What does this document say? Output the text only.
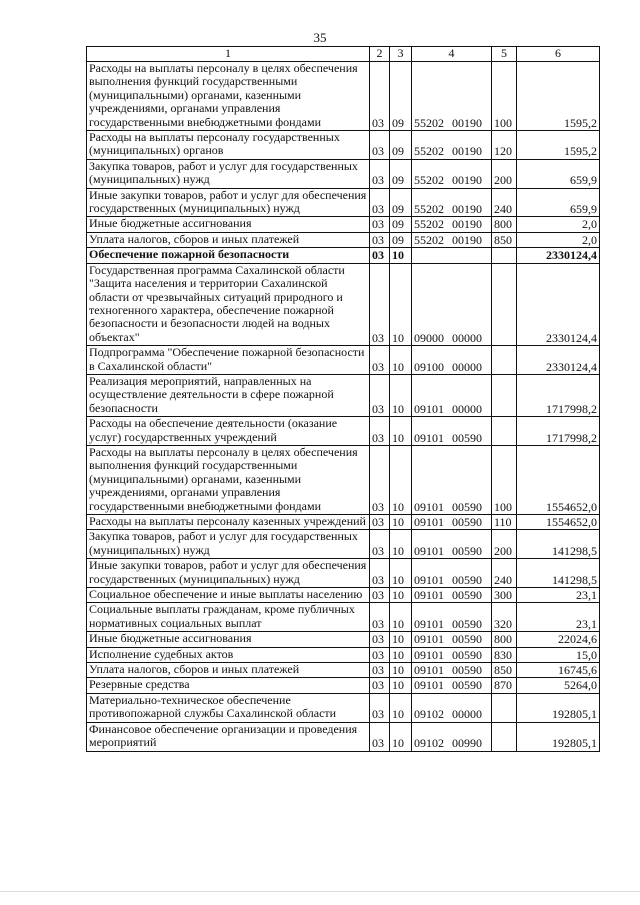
35
1	2	3	4	5	6
Расходы на выплаты персоналу в целях обеспечения выполнения функций государственными (муниципальными) органами, казенными учреждениями, органами управления государственными внебюджетными фондами	03	09	55202 00190	100	1595,2
Расходы на выплаты персоналу государственных (муниципальных) органов	03	09	55202 00190	120	1595,2
Закупка товаров, работ и услуг для государственных (муниципальных) нужд	03	09	55202 00190	200	659,9
Иные закупки товаров, работ и услуг для обеспечения государственных (муниципальных) нужд	03	09	55202 00190	240	659,9
Иные бюджетные ассигнования	03	09	55202 00190	800	2,0
Уплата налогов, сборов и иных платежей	03	09	55202 00190	850	2,0
Обеспечение пожарной безопасности	03	10			2330124,4
Государственная программа Сахалинской области "Защита населения и территории Сахалинской области от чрезвычайных ситуаций природного и техногенного характера, обеспечение пожарной безопасности и безопасности людей на водных объектах"	03	10	09000 00000		2330124,4
Подпрограмма "Обеспечение пожарной безопасности в Сахалинской области"	03	10	09100 00000		2330124,4
Реализация мероприятий, направленных на осуществление деятельности в сфере пожарной безопасности	03	10	09101 00000		1717998,2
Расходы на обеспечение деятельности (оказание услуг) государственных учреждений	03	10	09101 00590		1717998,2
Расходы на выплаты персоналу в целях обеспечения выполнения функций государственными (муниципальными) органами, казенными учреждениями, органами управления государственными внебюджетными фондами	03	10	09101 00590	100	1554652,0
Расходы на выплаты персоналу казенных учреждений	03	10	09101 00590	110	1554652,0
Закупка товаров, работ и услуг для государственных (муниципальных) нужд	03	10	09101 00590	200	141298,5
Иные закупки товаров, работ и услуг для обеспечения государственных (муниципальных) нужд	03	10	09101 00590	240	141298,5
Социальное обеспечение и иные выплаты населению	03	10	09101 00590	300	23,1
Социальные выплаты гражданам, кроме публичных нормативных социальных выплат	03	10	09101 00590	320	23,1
Иные бюджетные ассигнования	03	10	09101 00590	800	22024,6
Исполнение судебных актов	03	10	09101 00590	830	15,0
Уплата налогов, сборов и иных платежей	03	10	09101 00590	850	16745,6
Резервные средства	03	10	09101 00590	870	5264,0
Материально-техническое обеспечение противопожарной службы Сахалинской области	03	10	09102 00000		192805,1
Финансовое обеспечение организации и проведения мероприятий	03	10	09102 00990		192805,1
